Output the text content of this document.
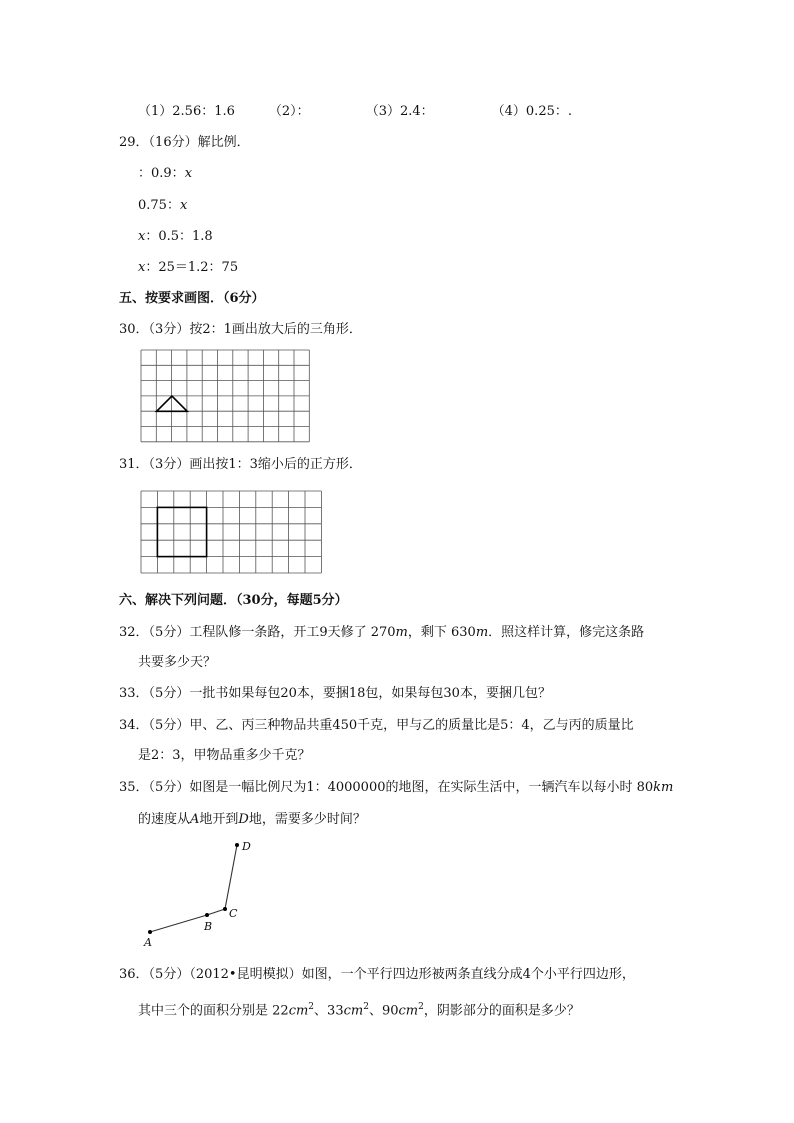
（1）2.56：1.6	（2）：	（3）2.4：	（4）0.25：.
29．（16分）解比例．
：0.9：x
0.75：x
x：0.5：1.8
x：25＝1.2：75
五、按要求画图．（6分）
30．（3分）按2：1画出放大后的三角形．
31．（3分）画出按1：3缩小后的正方形．
六、解决下列问题．（30分，每题5分）
32．（5分）工程队修一条路，开工9天修了 270m，剩下 630m．照这样计算，修完这条路
共要多少天？
33．（5分）一批书如果每包20本，要捆18包，如果每包30本，要捆几包？
34．（5分）甲、乙、丙三种物品共重450千克，甲与乙的质量比是5：4，乙与丙的质量比
是2：3，甲物品重多少千克？
35．（5分）如图是一幅比例尺为1：4000000的地图，在实际生活中，一辆汽车以每小时 80km
的速度从A地开到D地，需要多少时间？
A
B
C
D
36．（5分）（2012•昆明模拟）如图，一个平行四边形被两条直线分成4个小平行四边形，
其中三个的面积分别是 $22cm^2$、$33cm^2$、$90cm^2$，阴影部分的面积是多少？
